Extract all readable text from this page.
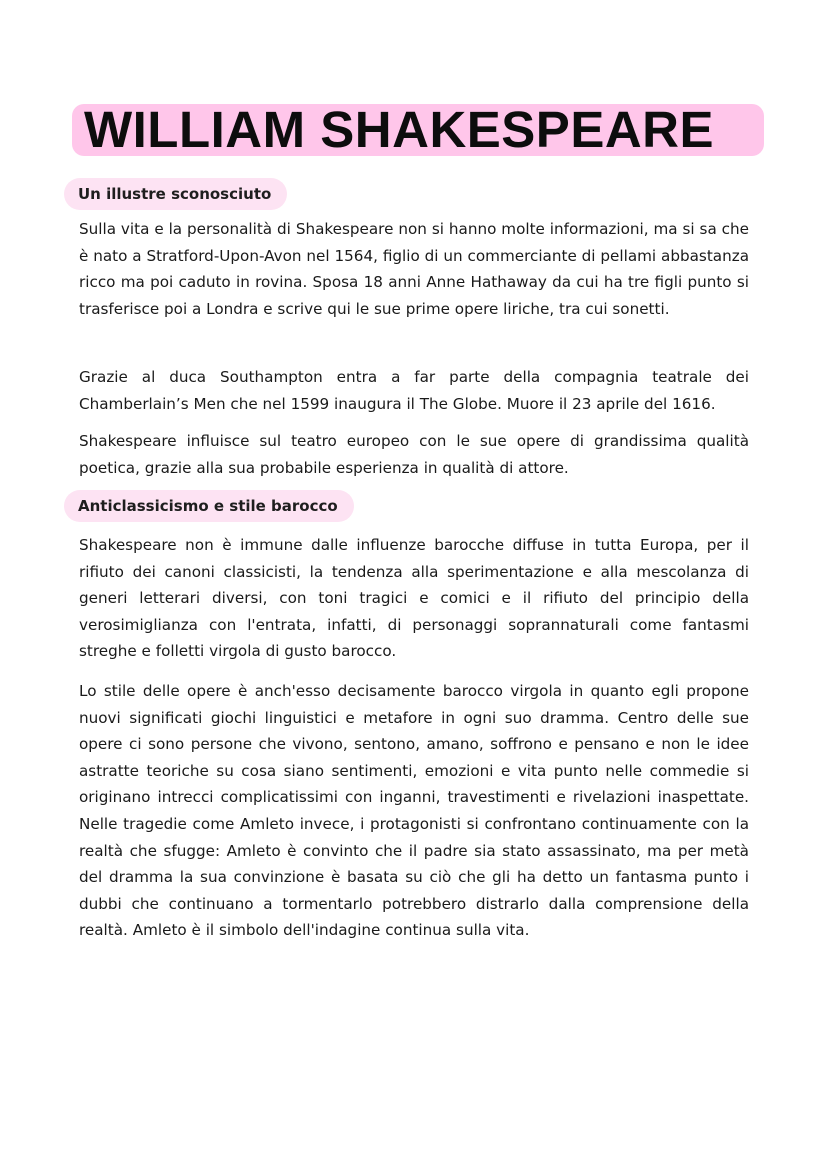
WILLIAM SHAKESPEARE
Un illustre sconosciuto

Sulla vita e la personalità di Shakespeare non si hanno molte informazioni, ma si sa che è nato a Stratford-Upon-Avon nel 1564, figlio di un commerciante di pellami abbastanza ricco ma poi caduto in rovina. Sposa 18 anni Anne Hathaway da cui ha tre figli punto si trasferisce poi a Londra e scrive qui le sue prime opere liriche, tra cui sonetti.

Grazie al duca Southampton entra a far parte della compagnia teatrale dei Chamberlain’s Men che nel 1599 inaugura il The Globe. Muore il 23 aprile del 1616.

Shakespeare influisce sul teatro europeo con le sue opere di grandissima qualità poetica, grazie alla sua probabile esperienza in qualità di attore.

Anticlassicismo e stile barocco

Shakespeare non è immune dalle influenze barocche diffuse in tutta Europa, per il rifiuto dei canoni classicisti, la tendenza alla sperimentazione e alla mescolanza di generi letterari diversi, con toni tragici e comici e il rifiuto del principio della verosimiglianza con l'entrata, infatti, di personaggi soprannaturali come fantasmi streghe e folletti virgola di gusto barocco.

Lo stile delle opere è anch'esso decisamente barocco virgola in quanto egli propone nuovi significati giochi linguistici e metafore in ogni suo dramma. Centro delle sue opere ci sono persone che vivono, sentono, amano, soffrono e pensano e non le idee astratte teoriche su cosa siano sentimenti, emozioni e vita punto nelle commedie si originano intrecci complicatissimi con inganni, travestimenti e rivelazioni inaspettate. Nelle tragedie come Amleto invece, i protagonisti si confrontano continuamente con la realtà che sfugge: Amleto è convinto che il padre sia stato assassinato, ma per metà del dramma la sua convinzione è basata su ciò che gli ha detto un fantasma punto i dubbi che continuano a tormentarlo potrebbero distrarlo dalla comprensione della realtà. Amleto è il simbolo dell'indagine continua sulla vita.
